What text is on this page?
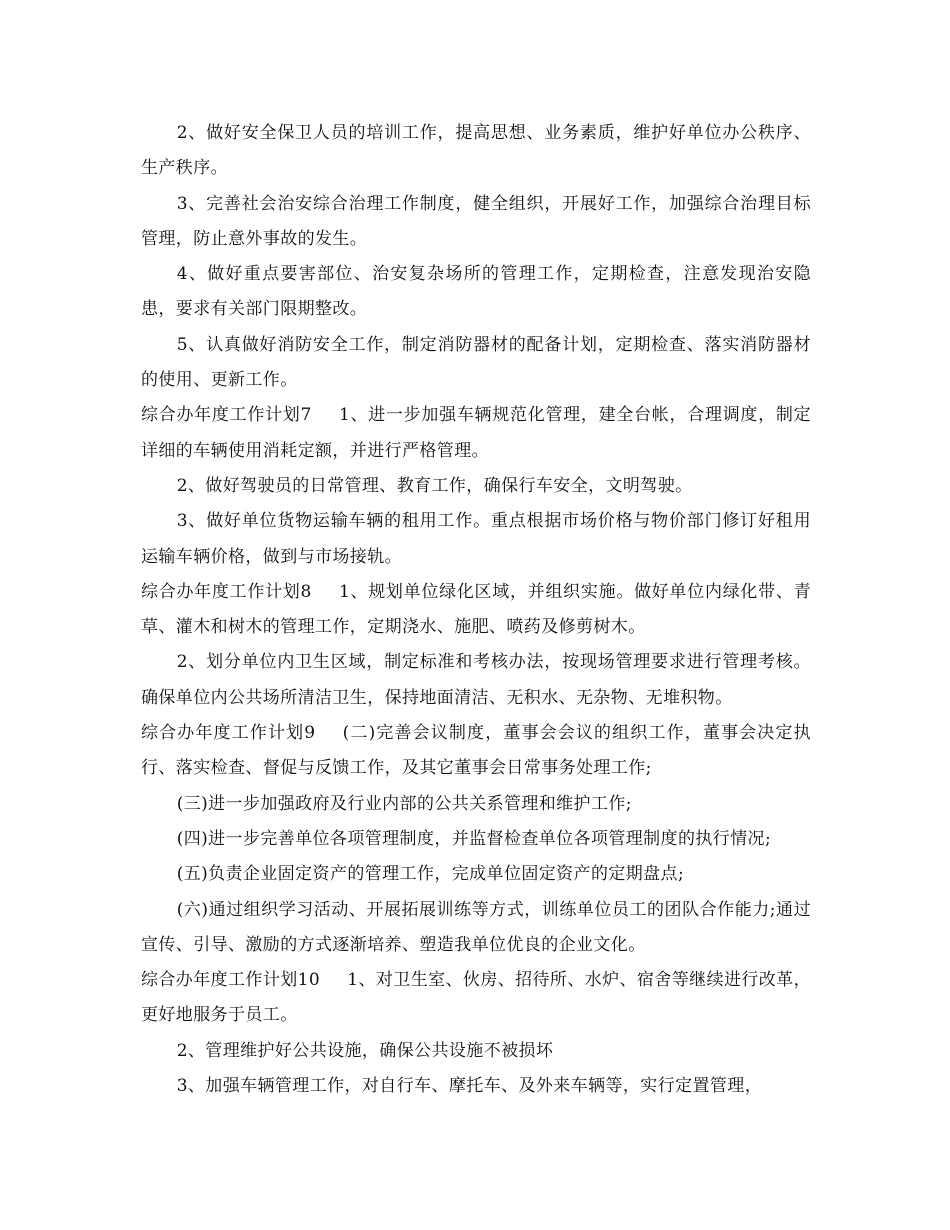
2、做好安全保卫人员的培训工作，提高思想、业务素质，维护好单位办公秩序、生产秩序。

3、完善社会治安综合治理工作制度，健全组织，开展好工作，加强综合治理目标管理，防止意外事故的发生。

4、做好重点要害部位、治安复杂场所的管理工作，定期检查，注意发现治安隐患，要求有关部门限期整改。

5、认真做好消防安全工作，制定消防器材的配备计划，定期检查、落实消防器材的使用、更新工作。

综合办年度工作计划7 1、进一步加强车辆规范化管理，建全台帐，合理调度，制定详细的车辆使用消耗定额，并进行严格管理。

2、做好驾驶员的日常管理、教育工作，确保行车安全，文明驾驶。

3、做好单位货物运输车辆的租用工作。重点根据市场价格与物价部门修订好租用运输车辆价格，做到与市场接轨。

综合办年度工作计划8 1、规划单位绿化区域，并组织实施。做好单位内绿化带、青草、灌木和树木的管理工作，定期浇水、施肥、喷药及修剪树木。

2、划分单位内卫生区域，制定标准和考核办法，按现场管理要求进行管理考核。确保单位内公共场所清洁卫生，保持地面清洁、无积水、无杂物、无堆积物。

综合办年度工作计划9 (二)完善会议制度，董事会会议的组织工作，董事会决定执行、落实检查、督促与反馈工作，及其它董事会日常事务处理工作;

(三)进一步加强政府及行业内部的公共关系管理和维护工作;

(四)进一步完善单位各项管理制度，并监督检查单位各项管理制度的执行情况;

(五)负责企业固定资产的管理工作，完成单位固定资产的定期盘点;

(六)通过组织学习活动、开展拓展训练等方式，训练单位员工的团队合作能力;通过宣传、引导、激励的方式逐渐培养、塑造我单位优良的企业文化。

综合办年度工作计划10 1、对卫生室、伙房、招待所、水炉、宿舍等继续进行改革，更好地服务于员工。

2、管理维护好公共设施，确保公共设施不被损坏

3、加强车辆管理工作，对自行车、摩托车、及外来车辆等，实行定置管理，
